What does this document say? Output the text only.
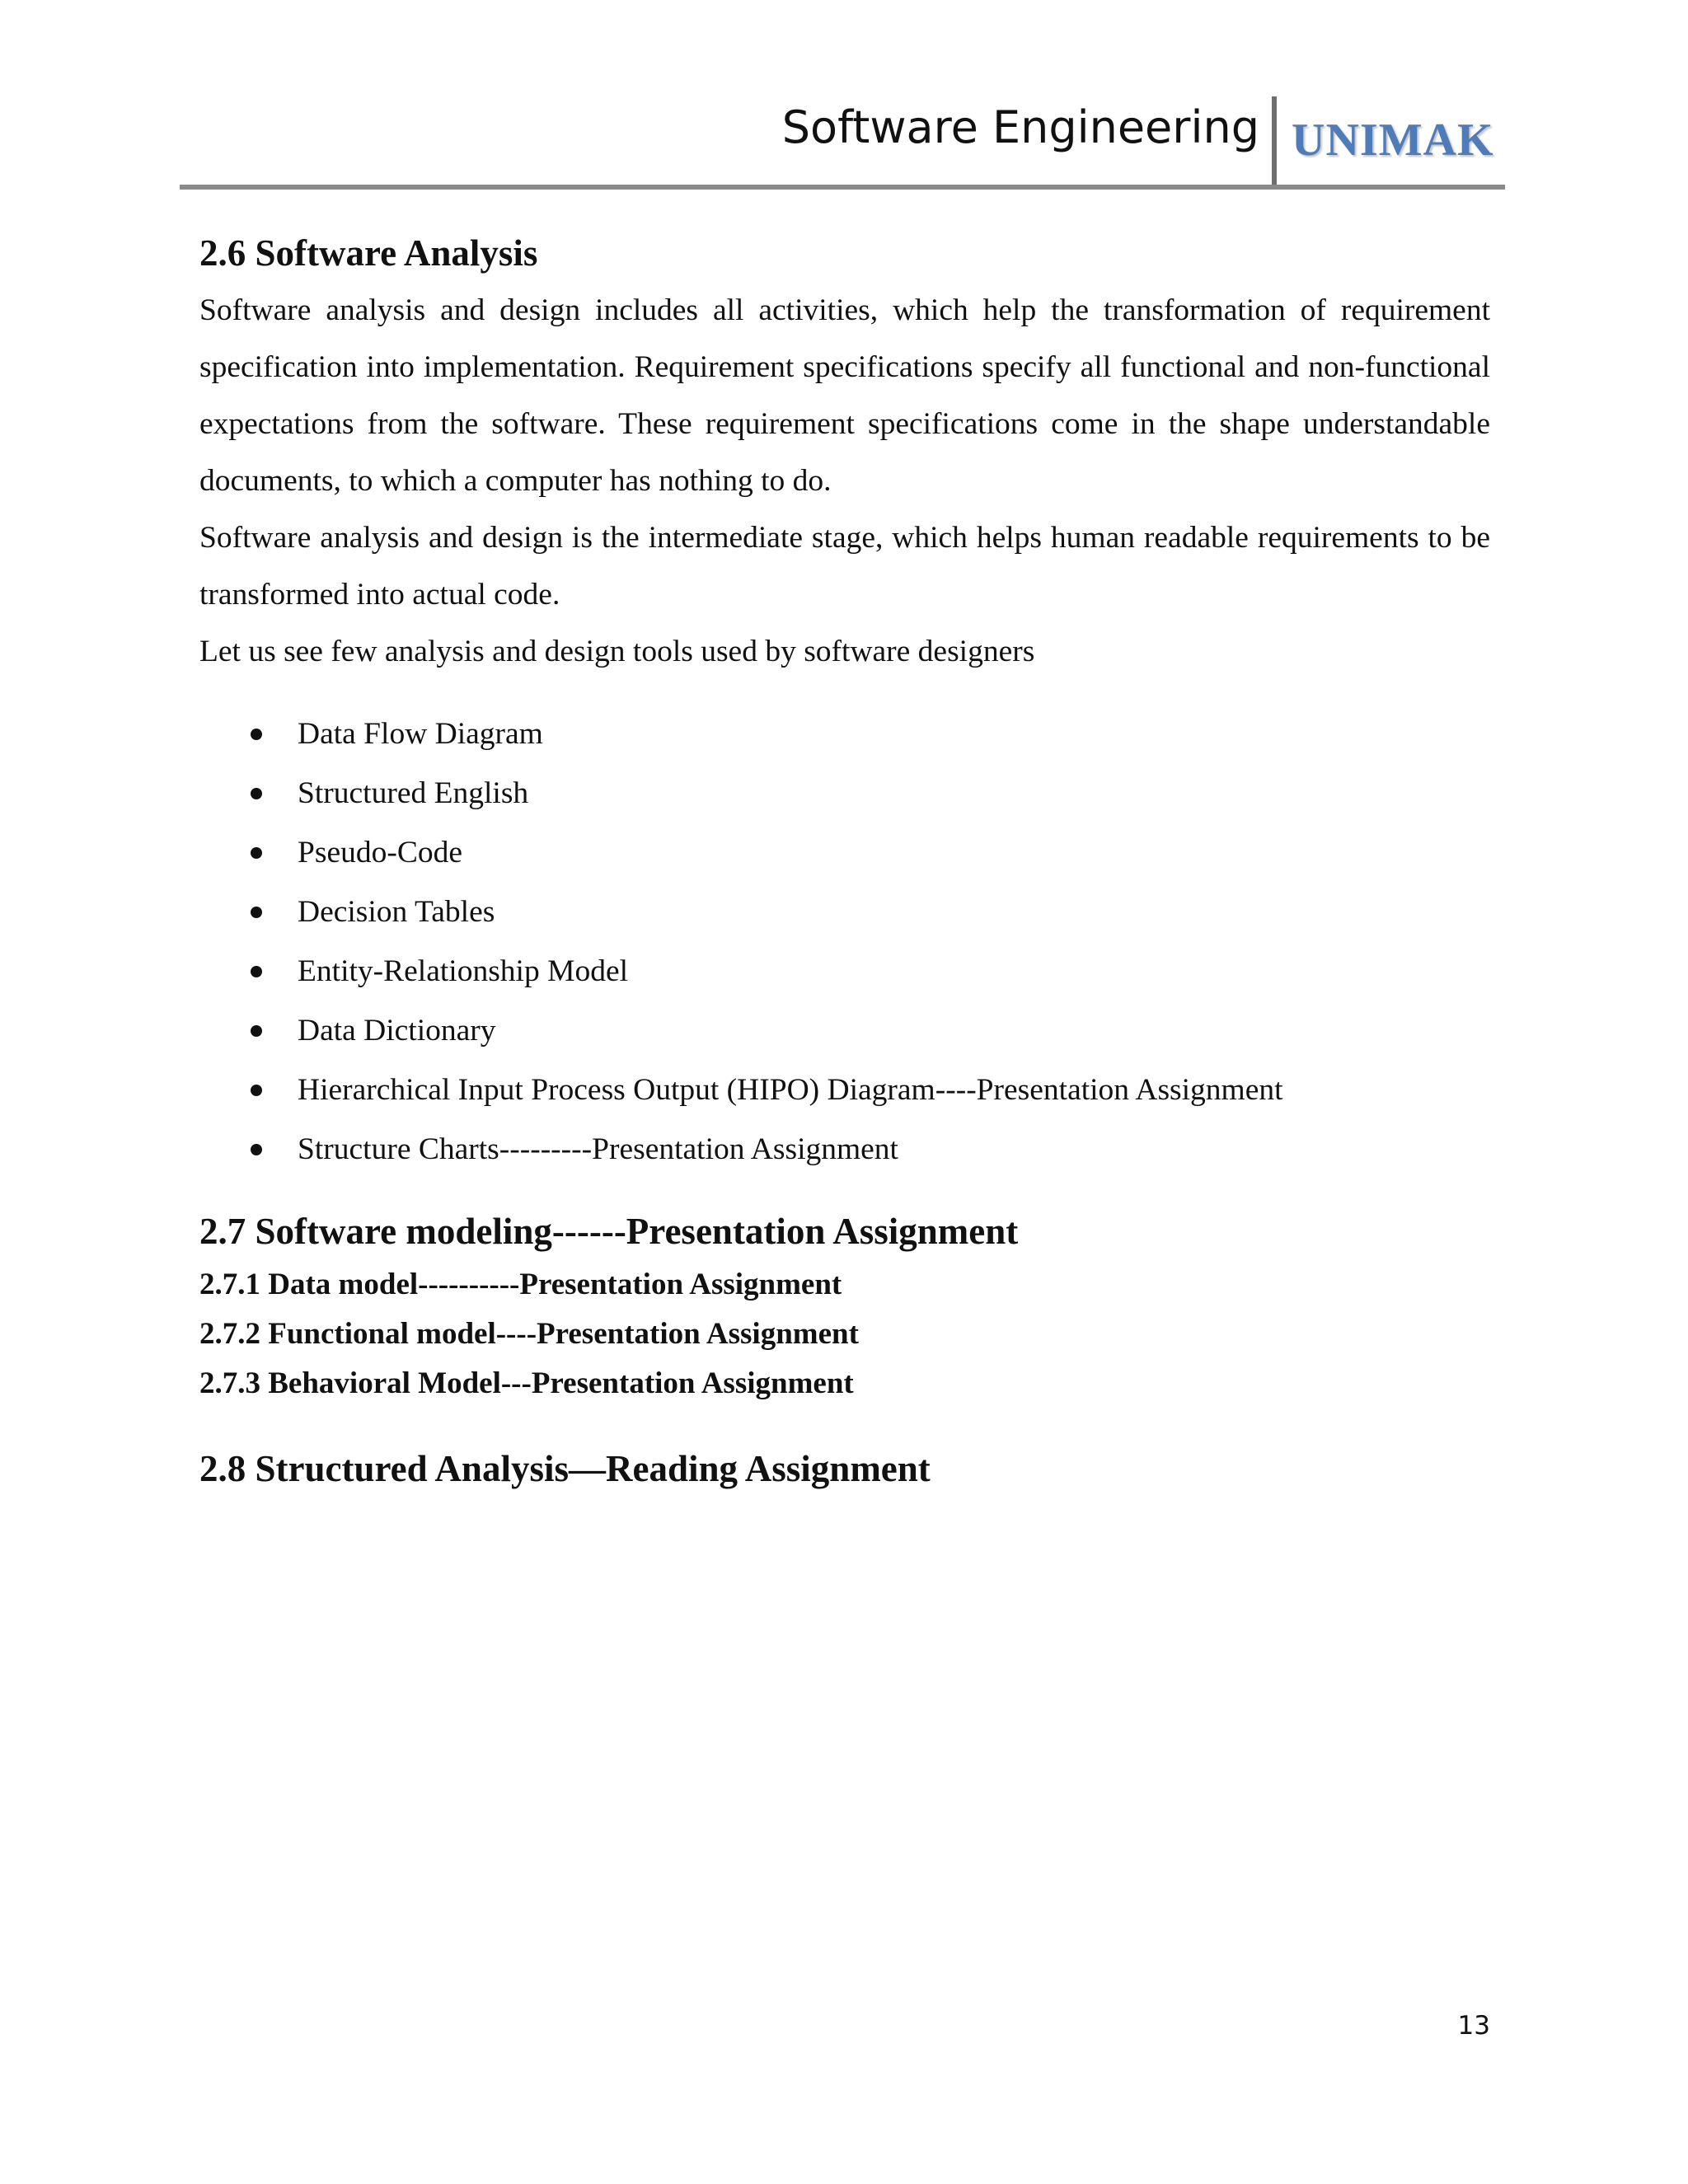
Software Engineering UNIMAK
2.6 Software Analysis

Software analysis and design includes all activities, which help the transformation of requirement specification into implementation. Requirement specifications specify all functional and non-functional expectations from the software. These requirement specifications come in the shape understandable documents, to which a computer has nothing to do.

Software analysis and design is the intermediate stage, which helps human readable requirements to be transformed into actual code.

Let us see few analysis and design tools used by software designers

Data Flow Diagram
Structured English
Pseudo-Code
Decision Tables
Entity-Relationship Model
Data Dictionary
Hierarchical Input Process Output (HIPO) Diagram----Presentation Assignment
Structure Charts---------Presentation Assignment
2.7 Software modeling------Presentation Assignment
2.7.1 Data model----------Presentation Assignment
2.7.2 Functional model----Presentation Assignment
2.7.3 Behavioral Model---Presentation Assignment
2.8 Structured Analysis—Reading Assignment
13
